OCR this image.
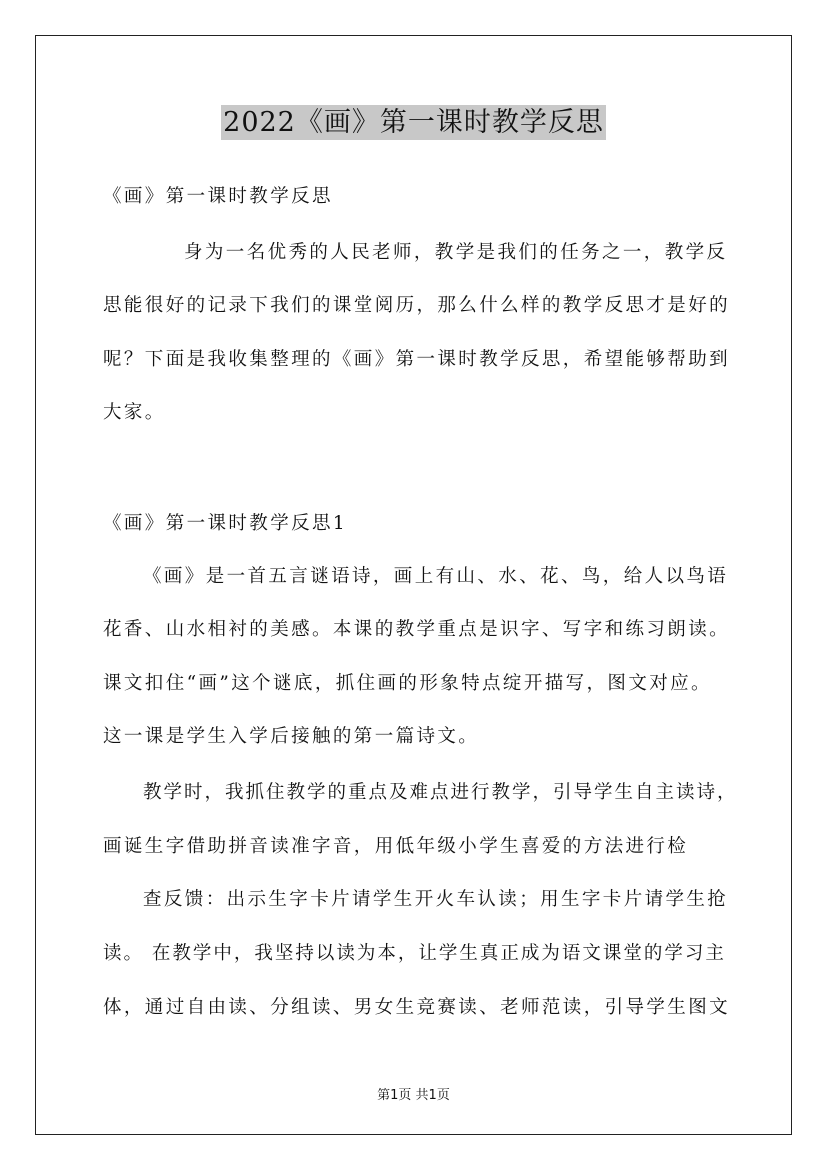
2022《画》第一课时教学反思
《画》第一课时教学反思
身为一名优秀的人民老师，教学是我们的任务之一，教学反
思能很好的记录下我们的课堂阅历，那么什么样的教学反思才是好的
呢？下面是我收集整理的《画》第一课时教学反思，希望能够帮助到
大家。
《画》第一课时教学反思1
《画》是一首五言谜语诗，画上有山、水、花、鸟，给人以鸟语
花香、山水相衬的美感。本课的教学重点是识字、写字和练习朗读。
课文扣住“画”这个谜底，抓住画的形象特点绽开描写，图文对应。
这一课是学生入学后接触的第一篇诗文。
教学时，我抓住教学的重点及难点进行教学，引导学生自主读诗，
画诞生字借助拼音读准字音，用低年级小学生喜爱的方法进行检
查反馈：出示生字卡片请学生开火车认读；用生字卡片请学生抢
读。 在教学中，我坚持以读为本，让学生真正成为语文课堂的学习主
体，通过自由读、分组读、男女生竞赛读、老师范读，引导学生图文
第1页 共1页
